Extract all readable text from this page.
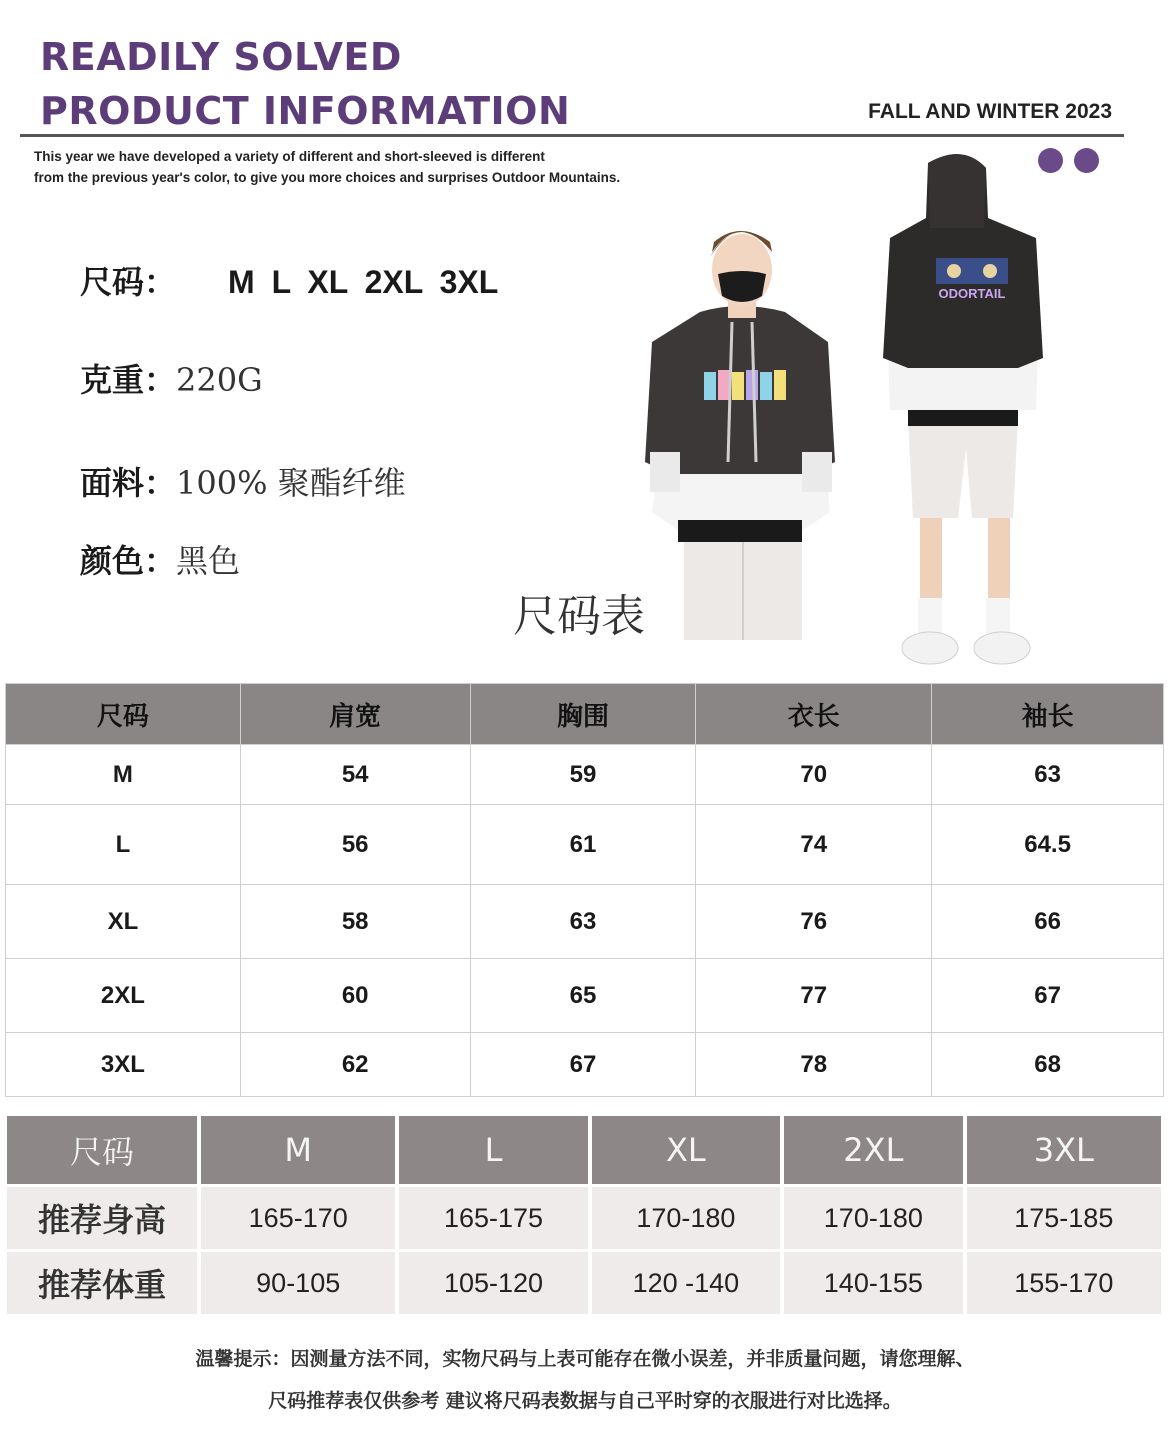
READILY SOLVED
PRODUCT INFORMATION	FALL AND WINTER 2023
This year we have developed a variety of different and short-sleeved is different
from the previous year's color, to give you more choices and surprises Outdoor Mountains.
尺码： M L XL 2XL 3XL
克重：220G
面料：100% 聚酯纤维
颜色：黑色
尺码表
ODORTAIL
尺码	肩宽	胸围	衣长	袖长
M	54	59	70	63
L	56	61	74	64.5
XL	58	63	76	66
2XL	60	65	77	67
3XL	62	67	78	68
尺码	M	L	XL	2XL	3XL
推荐身高	165-170	165-175	170-180	170-180	175-185
推荐体重	90-105	105-120	120 -140	140-155	155-170
温馨提示：因测量方法不同，实物尺码与上表可能存在微小误差，并非质量问题，请您理解、
尺码推荐表仅供参考 建议将尺码表数据与自己平时穿的衣服进行对比选择。
